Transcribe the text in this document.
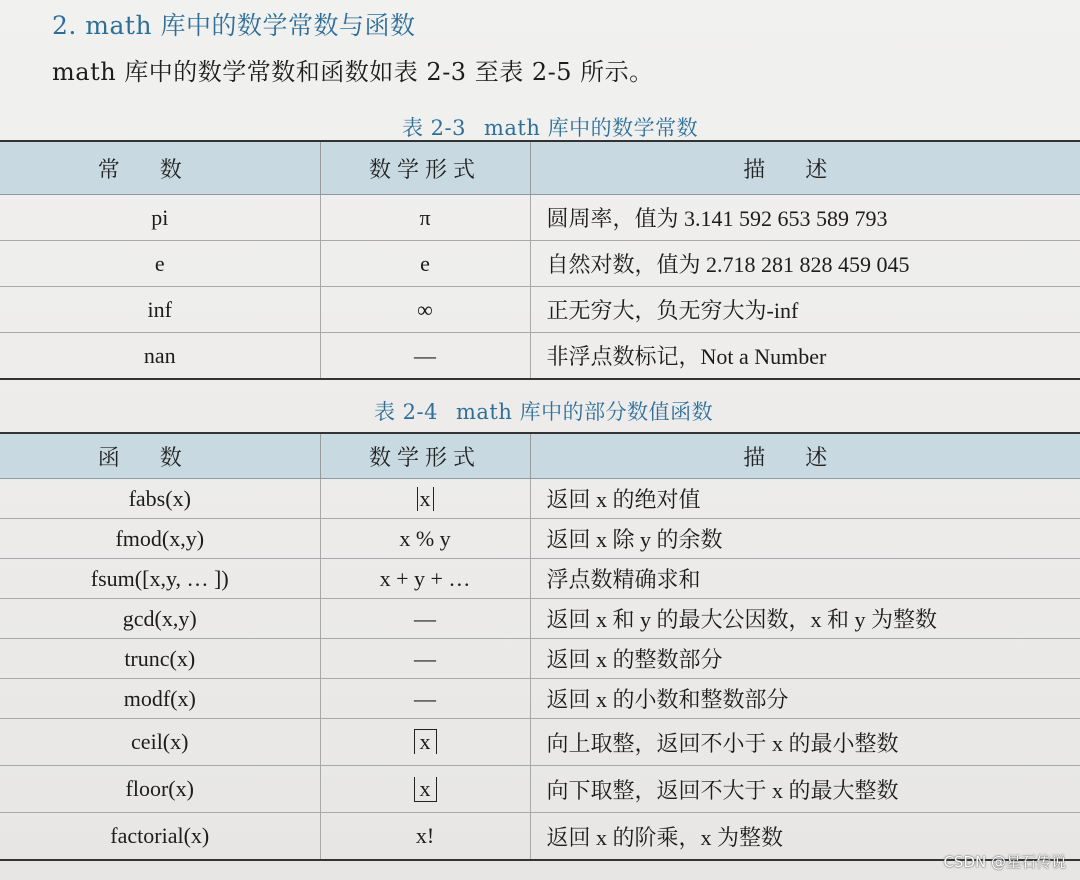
2. math 库中的数学常数与函数
math 库中的数学常数和函数如表 2-3 至表 2-5 所示。
表 2-3 math 库中的数学常数
常数	数学形式	描述
pi	π	圆周率，值为 3.141 592 653 589 793
e	e	自然对数，值为 2.718 281 828 459 045
inf	∞	正无穷大，负无穷大为-inf
nan	—	非浮点数标记，Not a Number
表 2-4 math 库中的部分数值函数
函数	数学形式	描述
fabs(x)	x	返回 x 的绝对值
fmod(x,y)	x % y	返回 x 除 y 的余数
fsum([x,y, … ])	x + y + …	浮点数精确求和
gcd(x,y)	—	返回 x 和 y 的最大公因数，x 和 y 为整数
trunc(x)	—	返回 x 的整数部分
modf(x)	—	返回 x 的小数和整数部分
ceil(x)	x	向上取整，返回不小于 x 的最小整数
floor(x)	x	向下取整，返回不大于 x 的最大整数
factorial(x)	x!	返回 x 的阶乘，x 为整数
CSDN @星石传说
